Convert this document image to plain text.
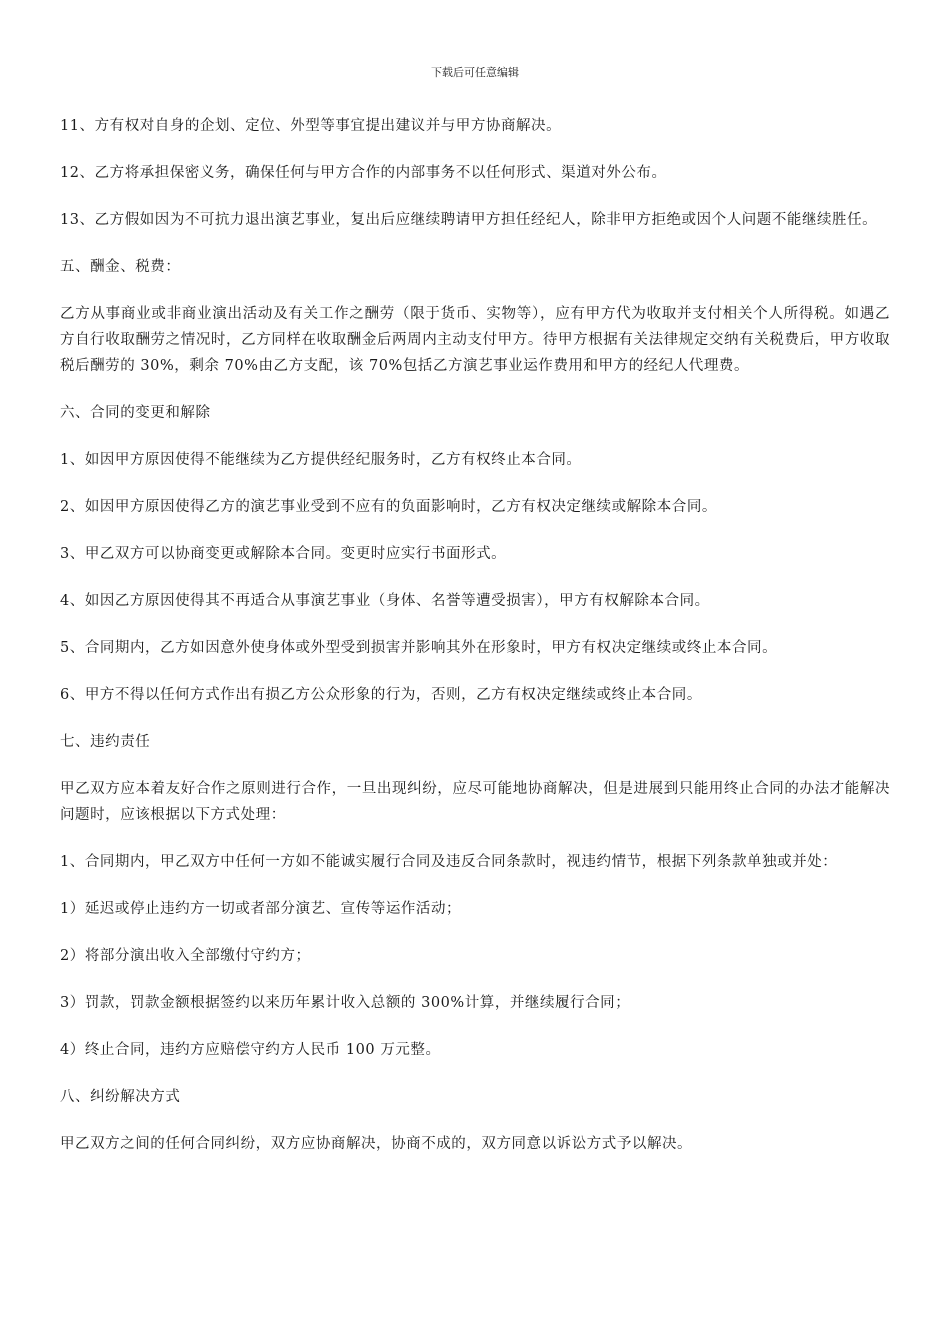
下载后可任意编辑

11、方有权对自身的企划、定位、外型等事宜提出建议并与甲方协商解决。

12、乙方将承担保密义务，确保任何与甲方合作的内部事务不以任何形式、渠道对外公布。

13、乙方假如因为不可抗力退出演艺事业，复出后应继续聘请甲方担任经纪人，除非甲方拒绝或因个人问题不能继续胜任。

五、酬金、税费：

乙方从事商业或非商业演出活动及有关工作之酬劳（限于货币、实物等），应有甲方代为收取并支付相关个人所得税。如遇乙方自行收取酬劳之情况时，乙方同样在收取酬金后两周内主动支付甲方。待甲方根据有关法律规定交纳有关税费后，甲方收取税后酬劳的 30%，剩余 70%由乙方支配，该 70%包括乙方演艺事业运作费用和甲方的经纪人代理费。

六、合同的变更和解除

1、如因甲方原因使得不能继续为乙方提供经纪服务时，乙方有权终止本合同。

2、如因甲方原因使得乙方的演艺事业受到不应有的负面影响时，乙方有权决定继续或解除本合同。

3、甲乙双方可以协商变更或解除本合同。变更时应实行书面形式。

4、如因乙方原因使得其不再适合从事演艺事业（身体、名誉等遭受损害），甲方有权解除本合同。

5、合同期内，乙方如因意外使身体或外型受到损害并影响其外在形象时，甲方有权决定继续或终止本合同。

6、甲方不得以任何方式作出有损乙方公众形象的行为，否则，乙方有权决定继续或终止本合同。

七、违约责任

甲乙双方应本着友好合作之原则进行合作，一旦出现纠纷，应尽可能地协商解决，但是进展到只能用终止合同的办法才能解决问题时，应该根据以下方式处理：

1、合同期内，甲乙双方中任何一方如不能诚实履行合同及违反合同条款时，视违约情节，根据下列条款单独或并处：

1）延迟或停止违约方一切或者部分演艺、宣传等运作活动；

2）将部分演出收入全部缴付守约方；

3）罚款，罚款金额根据签约以来历年累计收入总额的 300%计算，并继续履行合同；

4）终止合同，违约方应赔偿守约方人民币 100 万元整。

八、纠纷解决方式

甲乙双方之间的任何合同纠纷，双方应协商解决，协商不成的，双方同意以诉讼方式予以解决。
